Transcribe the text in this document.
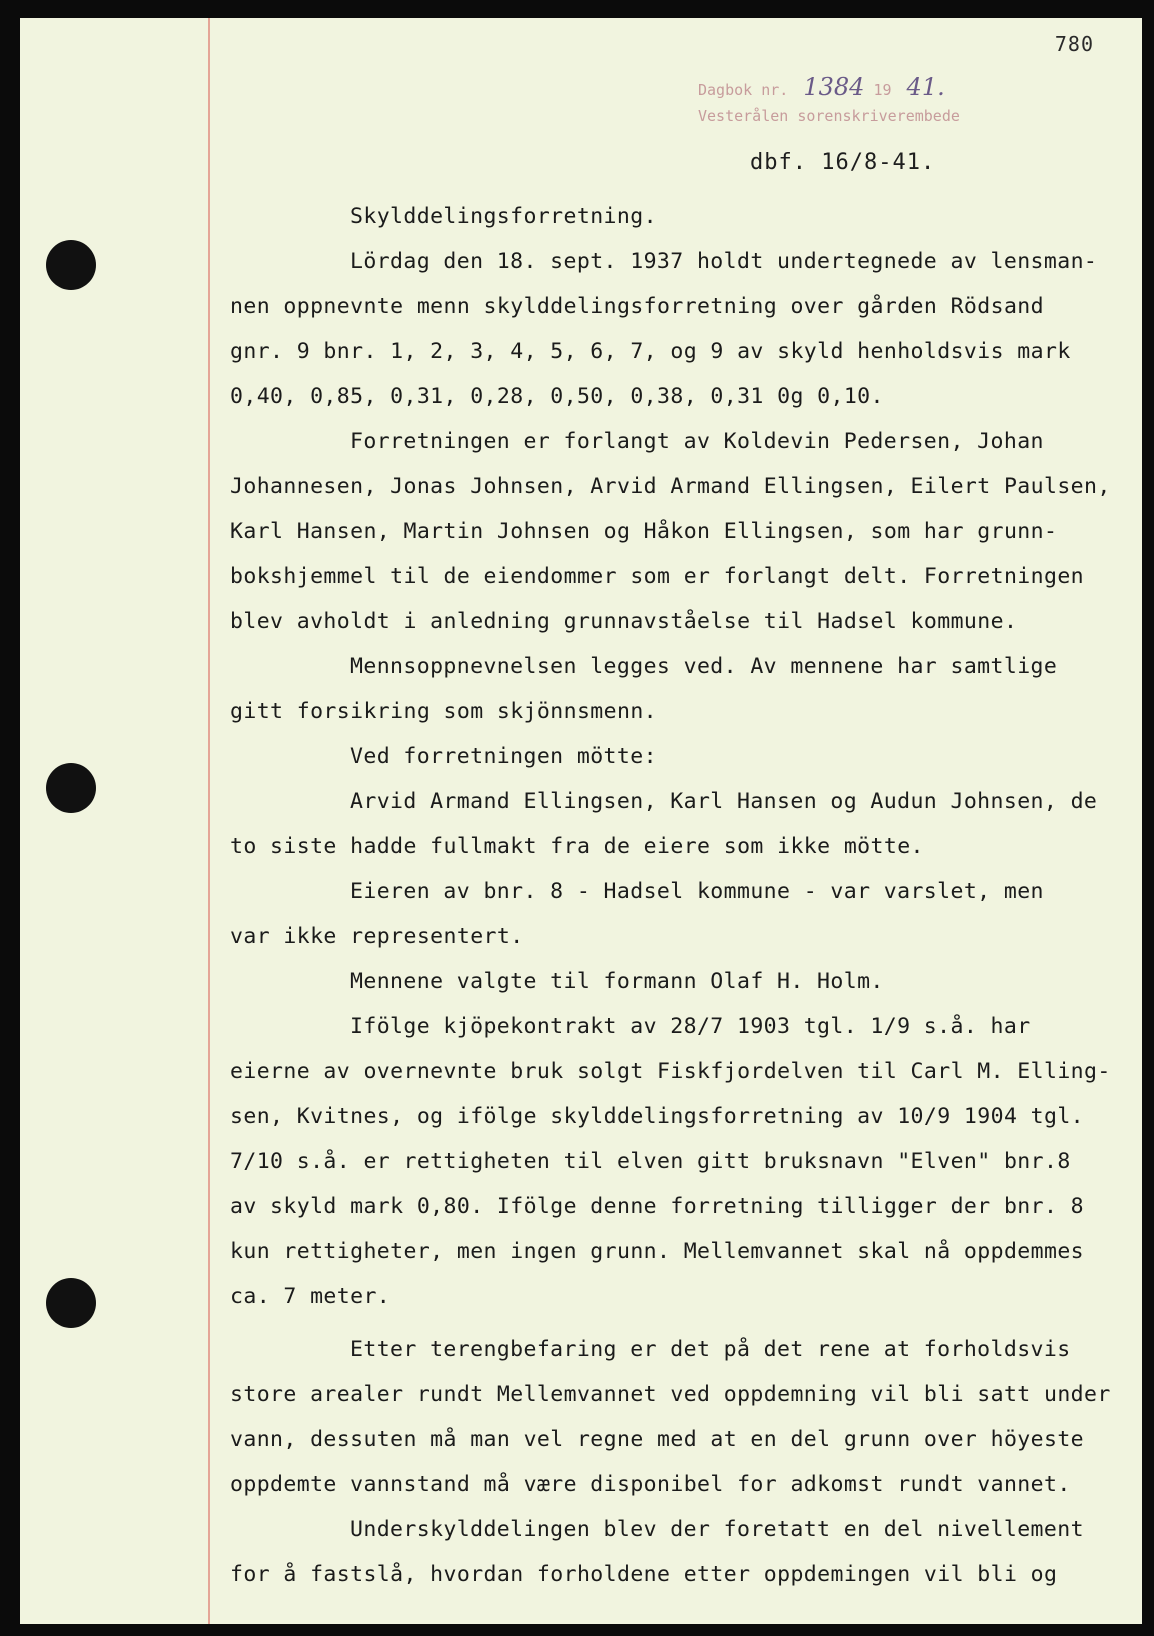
780
Dagbok nr. 1384 19 41.
Vesterålen sorenskriverembede
dbf. 16/8-41.
Skylddelingsforretning.
Lördag den 18. sept. 1937 holdt undertegnede av lensman-
nen oppnevnte menn skylddelingsforretning over gården Rödsand
gnr. 9 bnr. 1, 2, 3, 4, 5, 6, 7, og 9 av skyld henholdsvis mark
0,40, 0,85, 0,31, 0,28, 0,50, 0,38, 0,31 0g 0,10.
Forretningen er forlangt av Koldevin Pedersen, Johan
Johannesen, Jonas Johnsen, Arvid Armand Ellingsen, Eilert Paulsen,
Karl Hansen, Martin Johnsen og Håkon Ellingsen, som har grunn-
bokshjemmel til de eiendommer som er forlangt delt. Forretningen
blev avholdt i anledning grunnavståelse til Hadsel kommune.
Mennsoppnevnelsen legges ved. Av mennene har samtlige
gitt forsikring som skjönnsmenn.
Ved forretningen mötte:
Arvid Armand Ellingsen, Karl Hansen og Audun Johnsen, de
to siste hadde fullmakt fra de eiere som ikke mötte.
Eieren av bnr. 8 - Hadsel kommune - var varslet, men
var ikke representert.
Mennene valgte til formann Olaf H. Holm.
Ifölge kjöpekontrakt av 28/7 1903 tgl. 1/9 s.å. har
eierne av overnevnte bruk solgt Fiskfjordelven til Carl M. Elling-
sen, Kvitnes, og ifölge skylddelingsforretning av 10/9 1904 tgl.
7/10 s.å. er rettigheten til elven gitt bruksnavn "Elven" bnr.8
av skyld mark 0,80. Ifölge denne forretning tilligger der bnr. 8
kun rettigheter, men ingen grunn. Mellemvannet skal nå oppdemmes
ca. 7 meter.
Etter terengbefaring er det på det rene at forholdsvis
store arealer rundt Mellemvannet ved oppdemning vil bli satt under
vann, dessuten må man vel regne med at en del grunn over höyeste
oppdemte vannstand må være disponibel for adkomst rundt vannet.
Underskylddelingen blev der foretatt en del nivellement
for å fastslå, hvordan forholdene etter oppdemingen vil bli og
